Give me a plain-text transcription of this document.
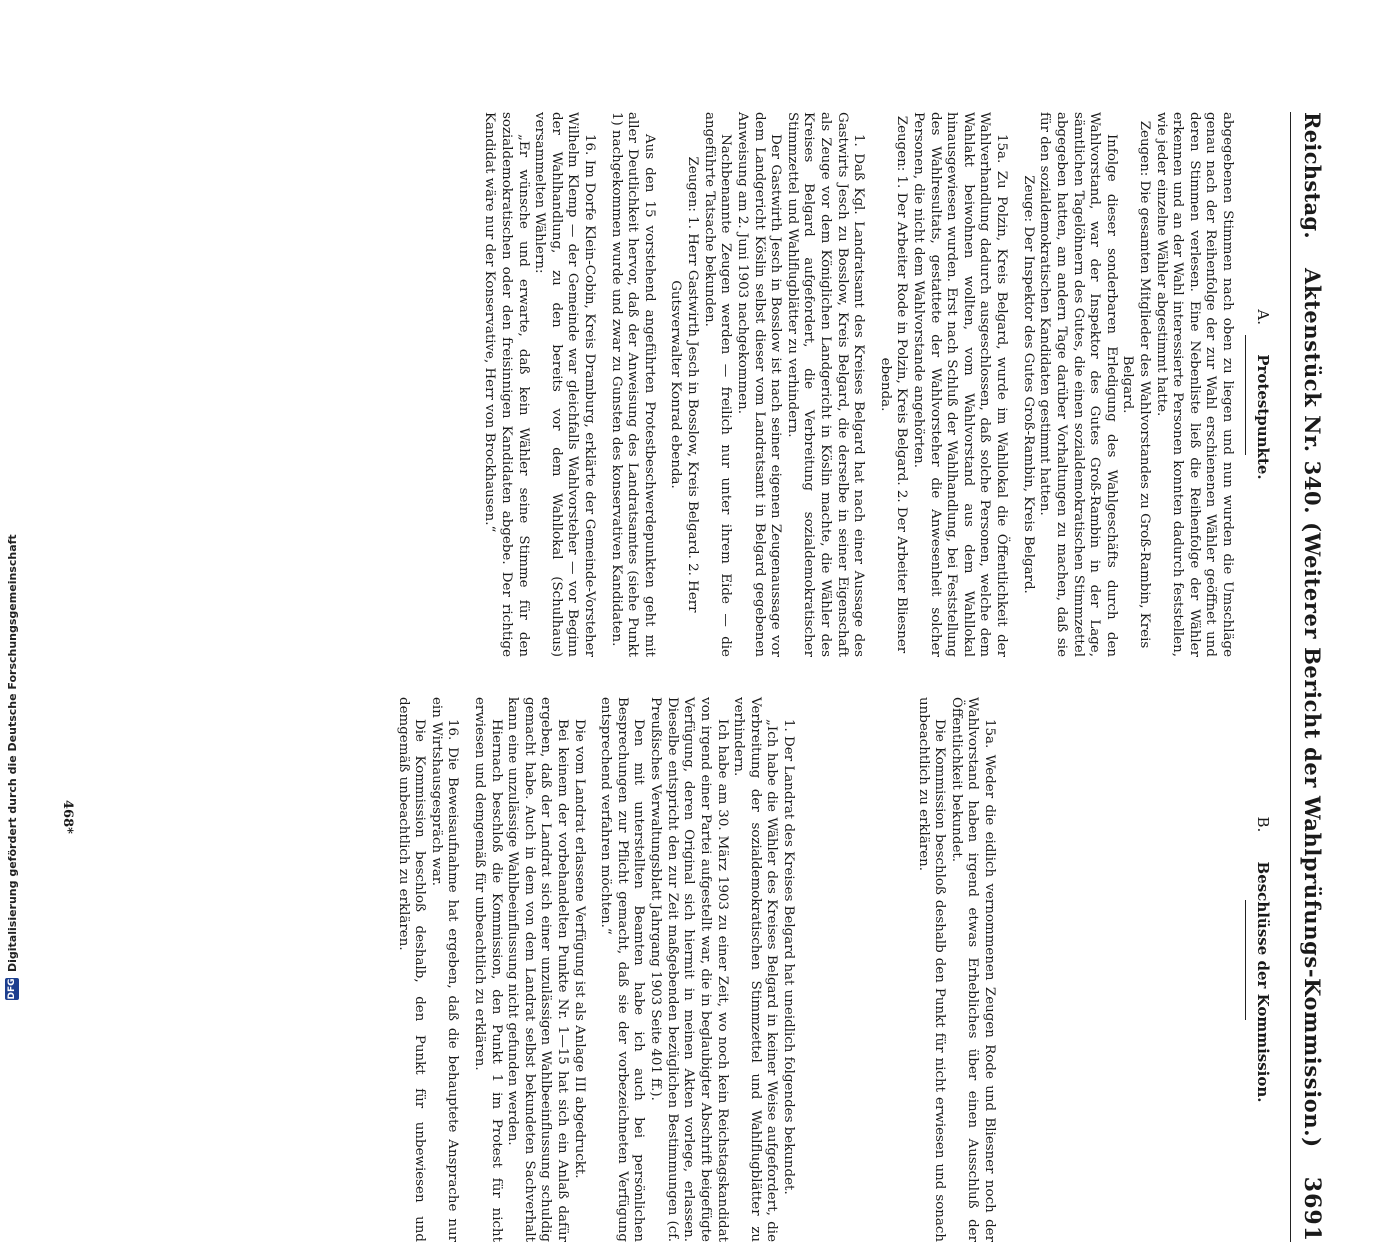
Reichstag.
Aktenstück Nr. 340. (Weiterer Bericht der Wahlprüfungs-Kommission.)
3691
A. Protestpunkte.
B. Beschlüsse der Kommission.

abgegebenen Stimmen nach oben zu liegen und nun wurden die Umschläge genau nach der Reihenfolge der zur Wahl erschienenen Wähler geöffnet und deren Stimmen verlesen. Eine Nebenliste ließ die Reihenfolge der Wähler erkennen und an der Wahl interessierte Personen konnten dadurch feststellen, wie jeder einzelne Wähler abgestimmt hatte.

Zeugen: Die gesamten Mitglieder des Wahlvorstandes zu Groß-Rambin, Kreis Belgard.

Infolge dieser sonderbaren Erledigung des Wahlgeschäfts durch den Wahlvorstand, war der Inspektor des Gutes Groß-Rambin in der Lage, sämtlichen Tagelöhnern des Gutes, die einen sozialdemokratischen Stimmzettel abgegeben hatten, am andern Tage darüber Vorhaltungen zu machen, daß sie für den sozialdemokratischen Kandidaten gestimmt hatten.

Zeuge: Der Inspektor des Gutes Groß-Rambin, Kreis Belgard.

15a. Zu Polzin, Kreis Belgard, wurde im Wahllokal die Öffentlichkeit der Wahlverhandlung dadurch ausgeschlossen, daß solche Personen, welche dem Wahlakt beiwohnen wollten, vom Wahlvorstand aus dem Wahllokal hinausgewiesen wurden. Erst nach Schluß der Wahlhandlung, bei Feststellung des Wahlresultats, gestattete der Wahlvorsteher die Anwesenheit solcher Personen, die nicht dem Wahlvorstande angehörten.

Zeugen: 1. Der Arbeiter Rode in Polzin, Kreis Belgard. 2. Der Arbeiter Bliesner ebenda.

1. Daß Kgl. Landratsamt des Kreises Belgard hat nach einer Aussage des Gastwirts Jesch zu Bosslow, Kreis Belgard, die derselbe in seiner Eigenschaft als Zeuge vor dem Königlichen Landgericht in Köslin machte, die Wähler des Kreises Belgard aufgefordert, die Verbreitung sozialdemokratischer Stimmzettel und Wahlflugblätter zu verhindern.

Der Gastwirth Jesch in Bosslow ist nach seiner eigenen Zeugenaussage vor dem Landgericht Köslin selbst dieser vom Landratsamt in Belgard gegebenen Anweisung am 2. Juni 1903 nachgekommen.

Nachbenannte Zeugen werden — freilich nur unter ihrem Eide — die angeführte Tatsache bekunden.

Zeugen: 1. Herr Gastwirth Jesch in Bosslow, Kreis Belgard. 2. Herr Gutsverwalter Konrad ebenda.

Aus den 15 vorstehend angeführten Protestbeschwerdepunkten geht mit aller Deutlichkeit hervor, daß der Anweisung des Landratsamtes (siehe Punkt 1) nachgekommen wurde und zwar zu Gunsten des konservativen Kandidaten.

16. Im Dorfe Klein-Cobin, Kreis Dramburg, erklärte der Gemeinde-Vorsteher Wilhelm Klemp — der Gemeinde war gleichfalls Wahlvorsteher — vor Beginn der Wahlhandlung, zu den bereits vor dem Wahllokal (Schulhaus) versammelten Wählern:

„Er wünsche und erwarte, daß kein Wähler seine Stimme für den sozialdemokratischen oder den freisinnigen Kandidaten abgebe. Der richtige Kandidat wäre nur der Konservative, Herr von Brockhausen.“

15a. Weder die eidlich vernommenen Zeugen Rode und Bliesner noch der Wahlvorstand haben irgend etwas Erhebliches über einen Ausschluß der Öffentlichkeit bekundet.

Die Kommission beschloß deshalb den Punkt für nicht erwiesen und sonach unbeachtlich zu erklären.

1. Der Landrat des Kreises Belgard hat uneidlich folgendes bekundet.

„Ich habe die Wähler des Kreises Belgard in keiner Weise aufgefordert, die Verbreitung der sozialdemokratischen Stimmzettel und Wahlflugblätter zu verhindern.

Ich habe am 30. März 1903 zu einer Zeit, wo noch kein Reichstagskandidat von irgend einer Partei aufgestellt war, die in beglaubigter Abschrift beigefügte Verfügung, deren Original sich hiermit in meinen Akten vorlege, erlassen. Dieselbe entspricht den zur Zeit maßgebenden bezüglichen Bestimmungen (cf. Preußisches Verwaltungsblatt Jahrgang 1903 Seite 401 ff.).

Den mit unterstellten Beamten habe ich auch bei persönlichen Besprechungen zur Pflicht gemacht, daß sie der vorbezeichneten Verfügung entsprechend verfahren möchten.“

Die vom Landrat erlassene Verfügung ist als Anlage III abgedruckt.

Bei keinem der vorbehandelten Punkte Nr. 1—15 hat sich ein Anlaß dafür ergeben, daß der Landrat sich einer unzulässigen Wahlbeeinflussung schuldig gemacht habe. Auch in dem von dem Landrat selbst bekundeten Sachverhalt kann eine unzulässige Wahlbeeinflussung nicht gefunden werden.

Hiernach beschloß die Kommission, den Punkt 1 im Protest für nicht erwiesen und demgemäß für unbeachtlich zu erklären.

16. Die Beweisaufnahme hat ergeben, daß die behauptete Ansprache nur ein Wirtshausgespräch war.

Die Kommission beschloß deshalb, den Punkt für unbewiesen und demgemäß unbeachtlich zu erklären.

468*
DFG
Digitalisierung gefördert durch die Deutsche Forschungsgemeinschaft
